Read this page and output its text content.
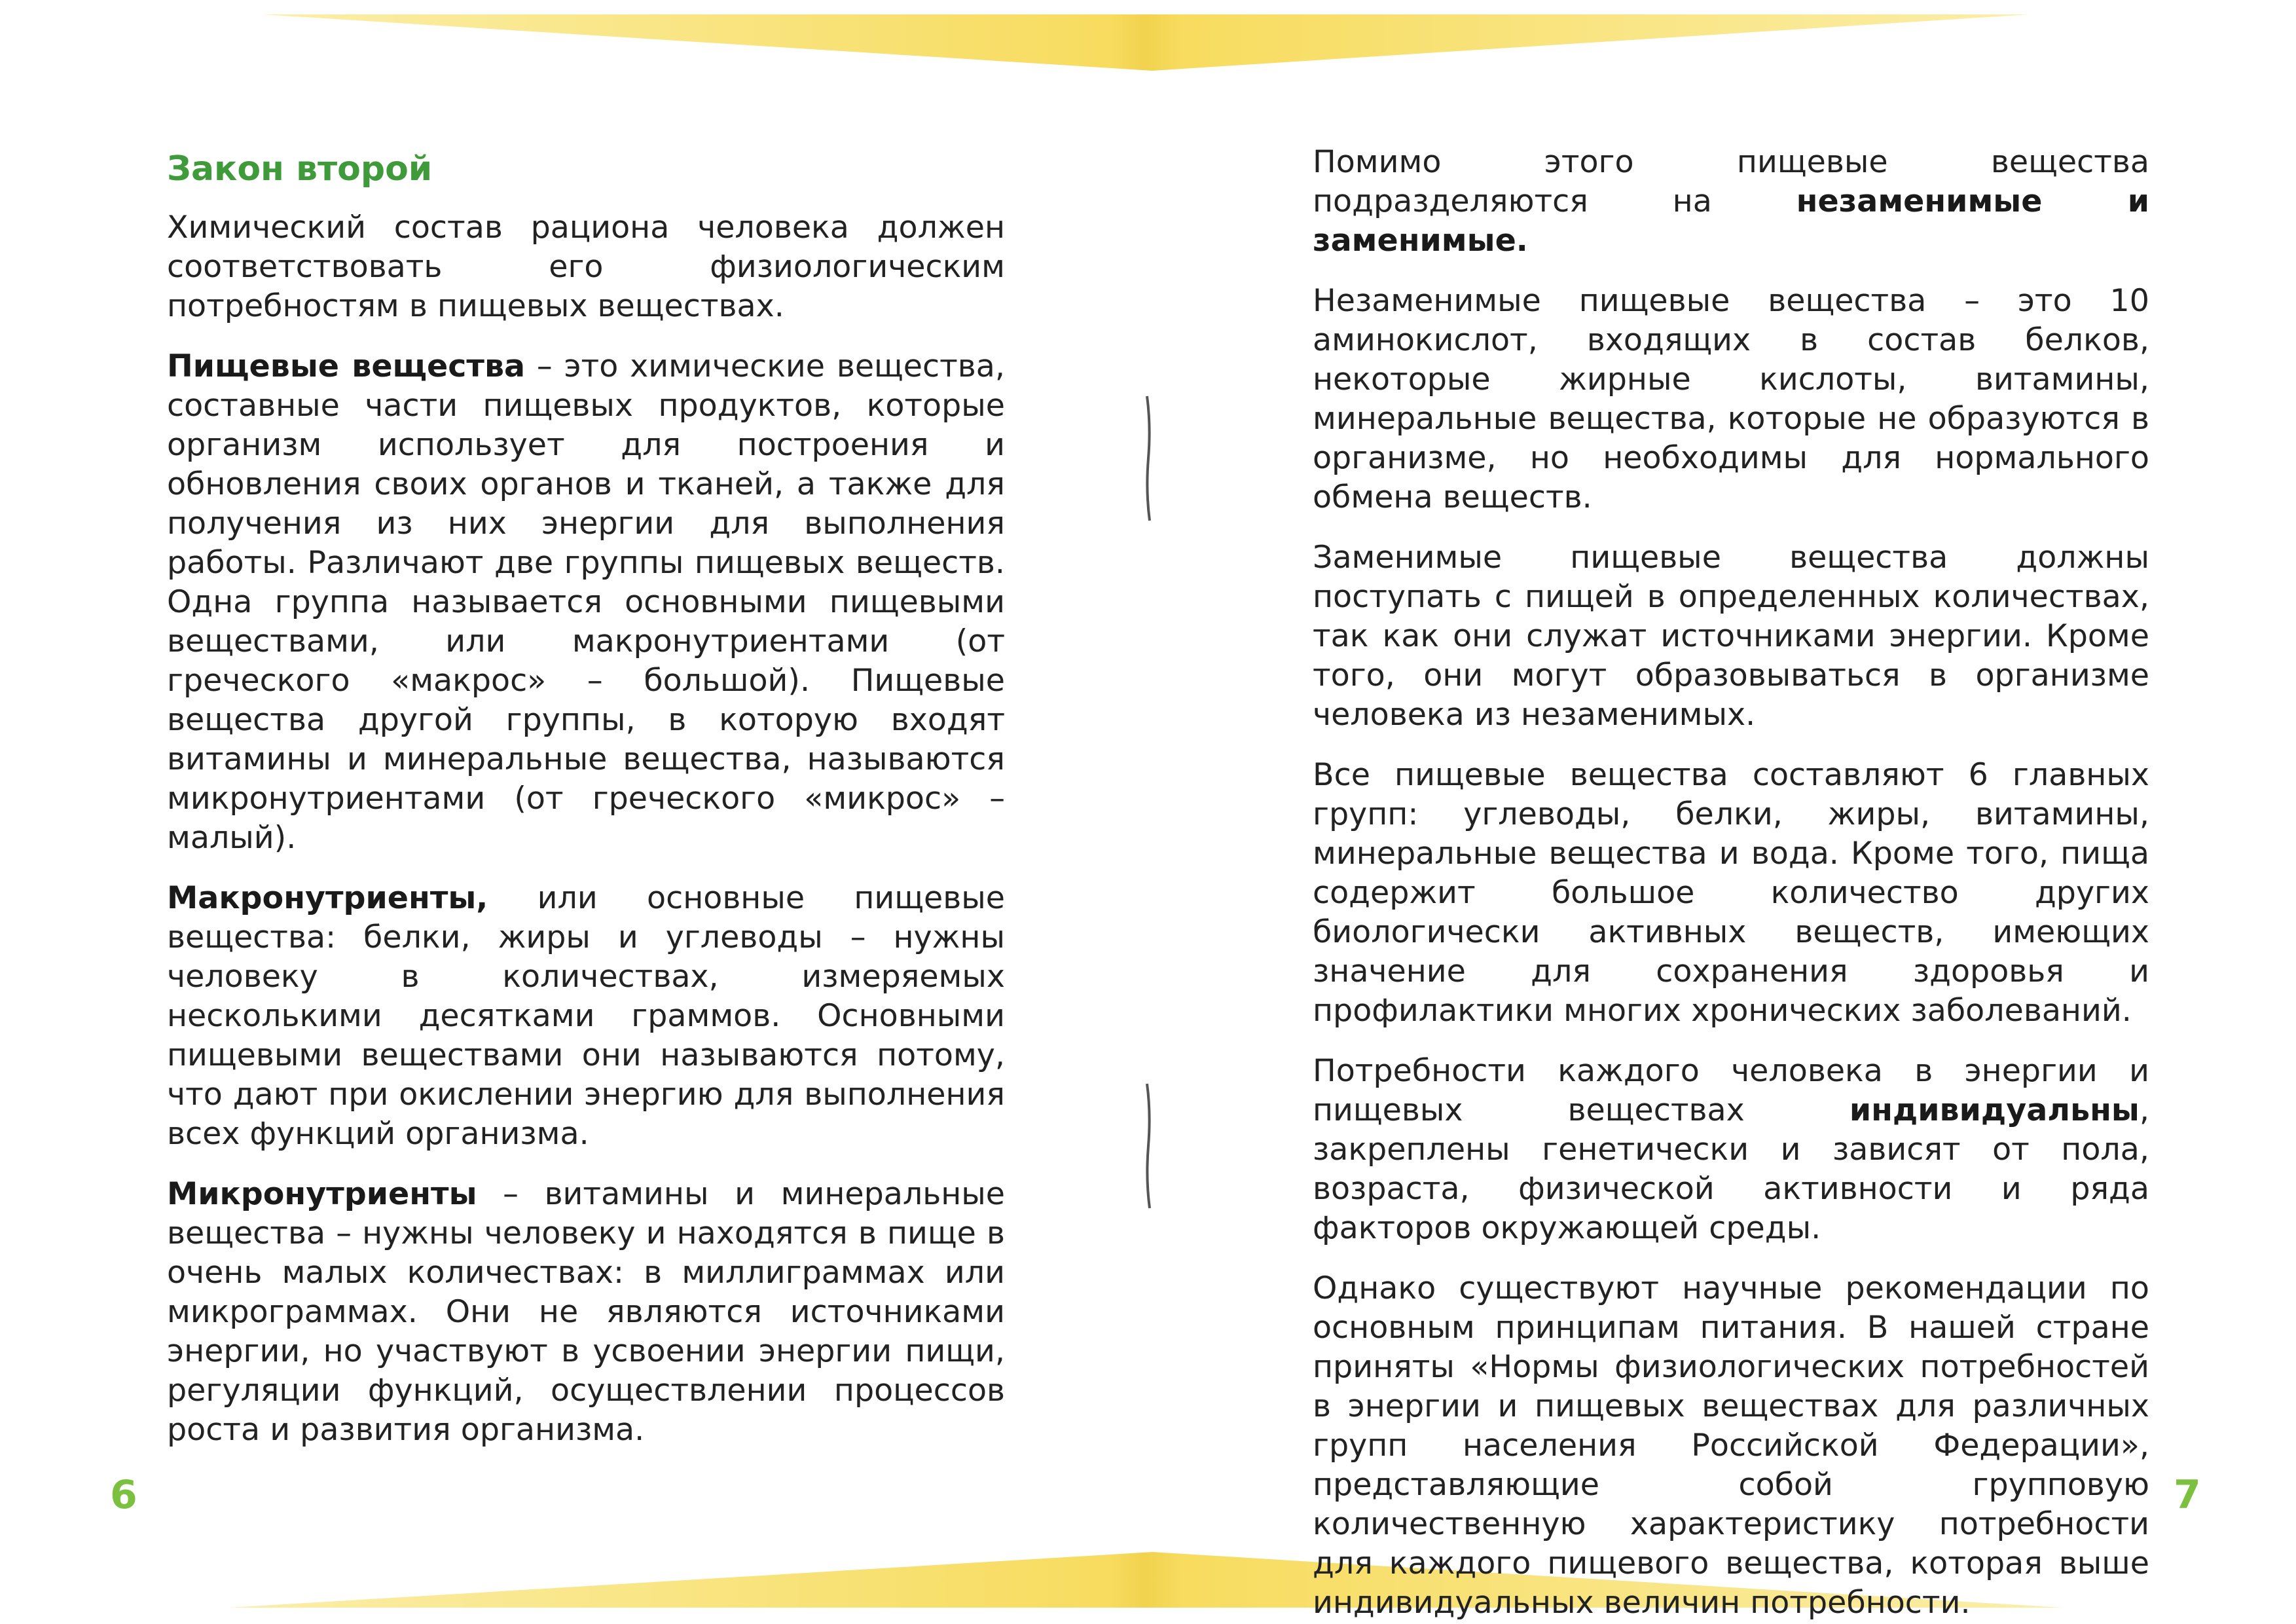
Закон второй

Химический состав рациона человека должен соответствовать его физиологическим потребностям в пищевых веществах.

Пищевые вещества – это химические вещества, составные части пищевых продуктов, которые организм использует для построения и обновления своих органов и тканей, а также для получения из них энергии для выполнения работы. Различают две группы пищевых веществ. Одна группа называется основными пищевыми веществами, или макронутриентами (от греческого «макрос» – большой). Пищевые вещества другой группы, в которую входят витамины и минеральные вещества, называются микронутриентами (от греческого «микрос» – малый).

Макронутриенты, или основные пищевые вещества: белки, жиры и углеводы – нужны человеку в количествах, измеряемых несколькими десятками граммов. Основными пищевыми веществами они называются потому, что дают при окислении энергию для выполнения всех функций организма.

Микронутриенты – витамины и минеральные вещества – нужны человеку и находятся в пище в очень малых количествах: в миллиграммах или микрограммах. Они не являются источниками энергии, но участвуют в усвоении энергии пищи, регуляции функций, осуществлении процессов роста и развития организма.

6

Помимо этого пищевые вещества подразделяются на незаменимые и заменимые.

Незаменимые пищевые вещества – это 10 аминокислот, входящих в состав белков, некоторые жирные кислоты, витамины, минеральные вещества, которые не образуются в организме, но необходимы для нормального обмена веществ.

Заменимые пищевые вещества должны поступать с пищей в определенных количествах, так как они служат источниками энергии. Кроме того, они могут образовываться в организме человека из незаменимых.

Все пищевые вещества составляют 6 главных групп: углеводы, белки, жиры, витамины, минеральные вещества и вода. Кроме того, пища содержит большое количество других биологически активных веществ, имеющих значение для сохранения здоровья и профилактики многих хронических заболеваний.

Потребности каждого человека в энергии и пищевых веществах индивидуальны, закреплены генетически и зависят от пола, возраста, физической активности и ряда факторов окружающей среды.

Однако существуют научные рекомендации по основным принципам питания. В нашей стране приняты «Нормы физиологических потребностей в энергии и пищевых веществах для различных групп населения Российской Федерации», представляющие собой групповую количественную характеристику потребности для каждого пищевого вещества, которая выше индивидуальных величин потребности.

7
